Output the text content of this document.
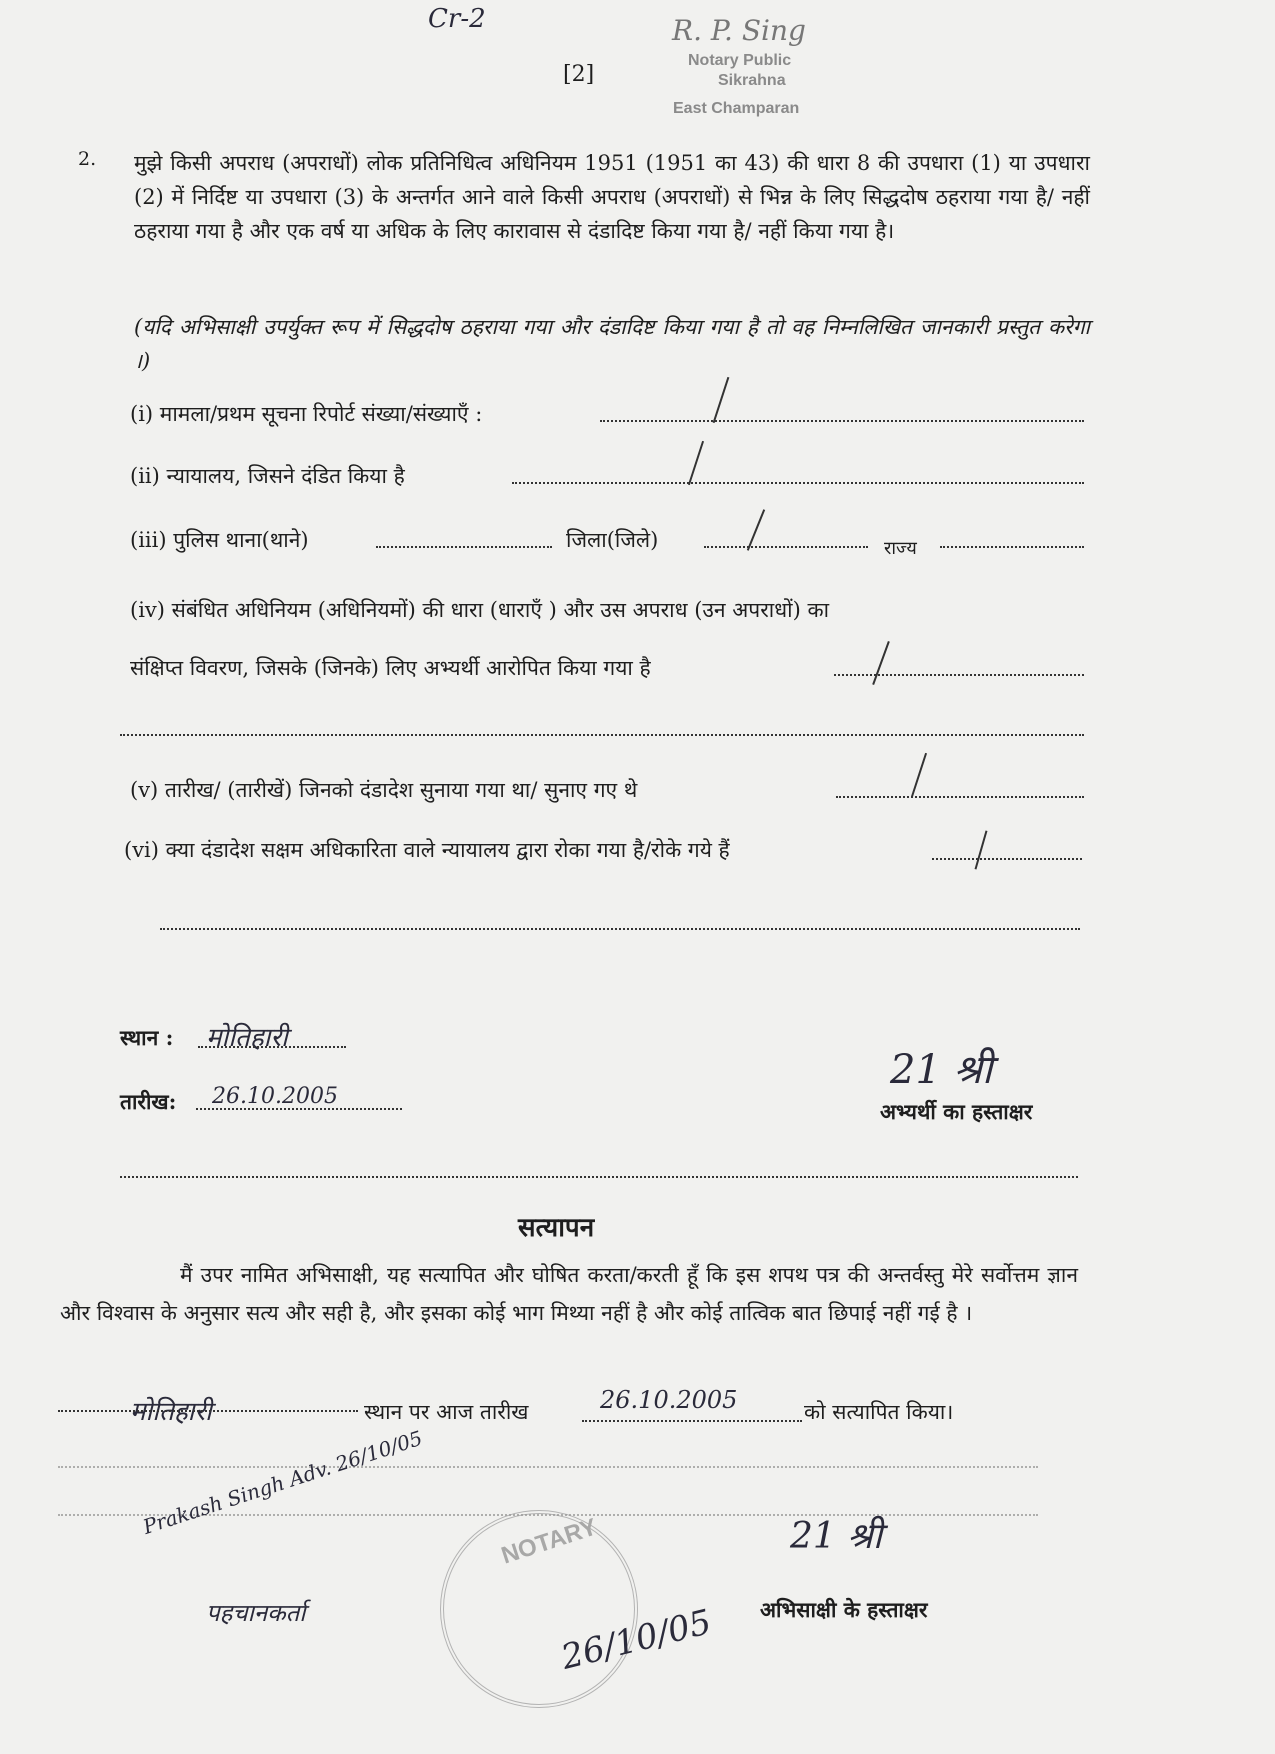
Cr-2
[2]
R. P. Sing
Notary Public
Sikrahna
East Champaran
2. मुझे किसी अपराध (अपराधों) लोक प्रतिनिधित्व अधिनियम 1951 (1951 का 43) की धारा 8 की उपधारा (1) या उपधारा (2) में निर्दिष्ट या उपधारा (3) के अन्तर्गत आने वाले किसी अपराध (अपराधों) से भिन्न के लिए सिद्धदोष ठहराया गया है/ नहीं ठहराया गया है और एक वर्ष या अधिक के लिए कारावास से दंडादिष्ट किया गया है/ नहीं किया गया है।
(यदि अभिसाक्षी उपर्युक्त रूप में सिद्धदोष ठहराया गया और दंडादिष्ट किया गया है तो वह निम्नलिखित जानकारी प्रस्तुत करेगा ।)
(i) मामला/प्रथम सूचना रिपोर्ट संख्या/संख्याएँ :
(ii) न्यायालय, जिसने दंडित किया है
(iii) पुलिस थाना(थाने)	जिला(जिले)	राज्य
(iv) संबंधित अधिनियम (अधिनियमों) की धारा (धाराएँ ) और उस अपराध (उन अपराधों) का
संक्षिप्त विवरण, जिसके (जिनके) लिए अभ्यर्थी आरोपित किया गया है
(v) तारीख/ (तारीखें) जिनको दंडादेश सुनाया गया था/ सुनाए गए थे
(vi) क्या दंडादेश सक्षम अधिकारिता वाले न्यायालय द्वारा रोका गया है/रोके गये हैं
स्थान : मोतिहारी
तारीख: 26.10.2005
21 श्री
अभ्यर्थी का हस्ताक्षर
सत्यापन
मैं उपर नामित अभिसाक्षी, यह सत्यापित और घोषित करता/करती हूँ कि इस शपथ पत्र की अन्तर्वस्तु मेरे सर्वोत्तम ज्ञान और विश्वास के अनुसार सत्य और सही है, और इसका कोई भाग मिथ्या नहीं है और कोई तात्विक बात छिपाई नहीं गई है ।
मोतिहारी	स्थान पर आज तारीख	26.10.2005	को सत्यापित किया।
Prakash Singh Adv. 26/10/05
पहचानकर्ता
NOTARY
26/10/05
21 श्री
अभिसाक्षी के हस्ताक्षर
